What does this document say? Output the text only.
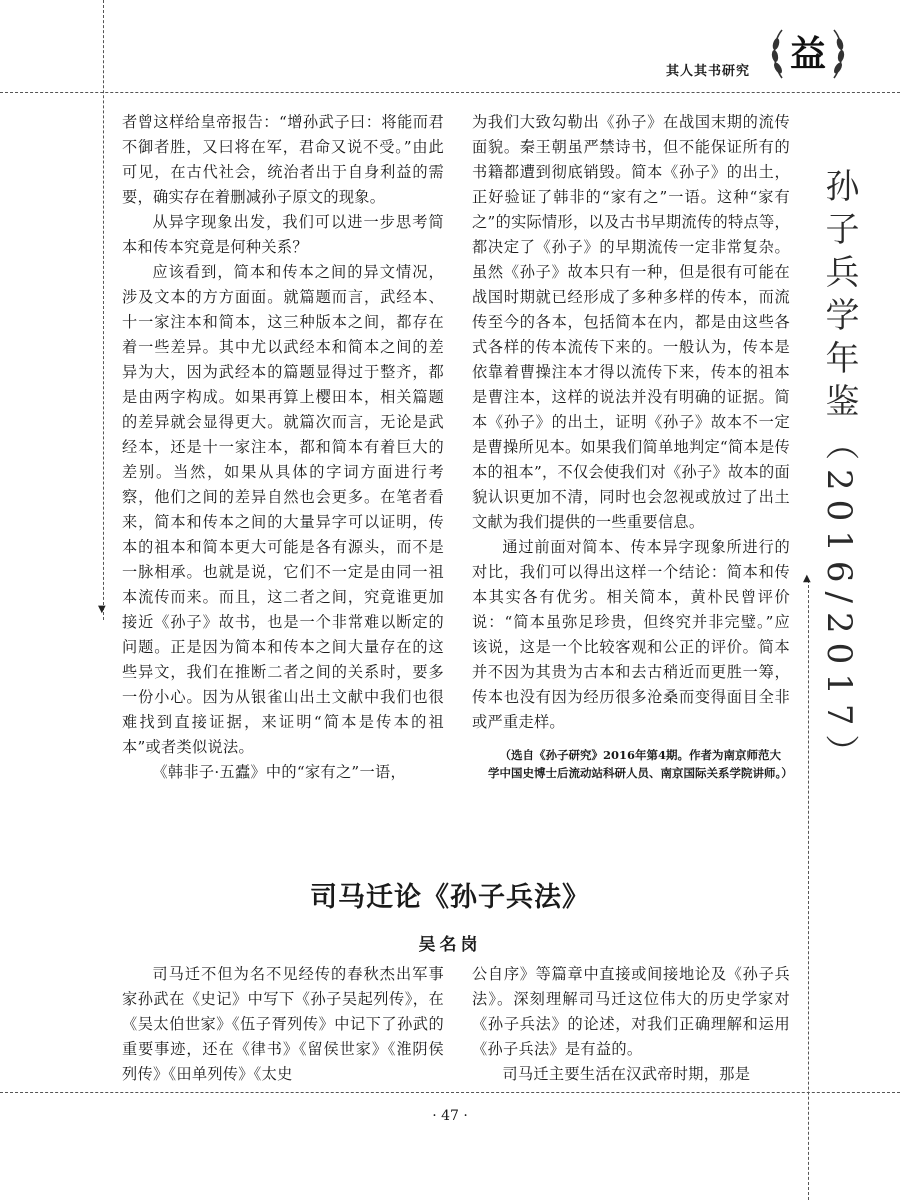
▼
▲
其人其书研究 益
孙子兵学年鉴（2016/2017）

者曾这样给皇帝报告：“增孙武子曰：将能而君不御者胜，又曰将在军，君命又说不受。”由此可见，在古代社会，统治者出于自身利益的需要，确实存在着删减孙子原文的现象。

从异字现象出发，我们可以进一步思考简本和传本究竟是何种关系？

应该看到，简本和传本之间的异文情况，涉及文本的方方面面。就篇题而言，武经本、十一家注本和简本，这三种版本之间，都存在着一些差异。其中尤以武经本和简本之间的差异为大，因为武经本的篇题显得过于整齐，都是由两字构成。如果再算上樱田本，相关篇题的差异就会显得更大。就篇次而言，无论是武经本，还是十一家注本，都和简本有着巨大的差别。当然，如果从具体的字词方面进行考察，他们之间的差异自然也会更多。在笔者看来，简本和传本之间的大量异字可以证明，传本的祖本和简本更大可能是各有源头，而不是一脉相承。也就是说，它们不一定是由同一祖本流传而来。而且，这二者之间，究竟谁更加接近《孙子》故书，也是一个非常难以断定的问题。正是因为简本和传本之间大量存在的这些异文，我们在推断二者之间的关系时，要多一份小心。因为从银雀山出土文献中我们也很难找到直接证据，来证明“简本是传本的祖本”或者类似说法。

《韩非子·五蠹》中的“家有之”一语，

为我们大致勾勒出《孙子》在战国末期的流传面貌。秦王朝虽严禁诗书，但不能保证所有的书籍都遭到彻底销毁。简本《孙子》的出土，正好验证了韩非的“家有之”一语。这种“家有之”的实际情形，以及古书早期流传的特点等，都决定了《孙子》的早期流传一定非常复杂。虽然《孙子》故本只有一种，但是很有可能在战国时期就已经形成了多种多样的传本，而流传至今的各本，包括简本在内，都是由这些各式各样的传本流传下来的。一般认为，传本是依靠着曹操注本才得以流传下来，传本的祖本是曹注本，这样的说法并没有明确的证据。简本《孙子》的出土，证明《孙子》故本不一定是曹操所见本。如果我们简单地判定“简本是传本的祖本”，不仅会使我们对《孙子》故本的面貌认识更加不清，同时也会忽视或放过了出土文献为我们提供的一些重要信息。

通过前面对简本、传本异字现象所进行的对比，我们可以得出这样一个结论：简本和传本其实各有优劣。相关简本，黄朴民曾评价说：“简本虽弥足珍贵，但终究并非完璧。”应该说，这是一个比较客观和公正的评价。简本并不因为其贵为古本和去古稍近而更胜一筹，传本也没有因为经历很多沧桑而变得面目全非或严重走样。

（选自《孙子研究》2016年第4期。作者为南京师范大学中国史博士后流动站科研人员、南京国际关系学院讲师。）
司马迁论《孙子兵法》
吴名岗

司马迁不但为名不见经传的春秋杰出军事家孙武在《史记》中写下《孙子吴起列传》，在《吴太伯世家》《伍子胥列传》中记下了孙武的重要事迹，还在《律书》《留侯世家》《淮阴侯列传》《田单列传》《太史

公自序》等篇章中直接或间接地论及《孙子兵法》。深刻理解司马迁这位伟大的历史学家对《孙子兵法》的论述，对我们正确理解和运用《孙子兵法》是有益的。

司马迁主要生活在汉武帝时期，那是

· 47 ·
